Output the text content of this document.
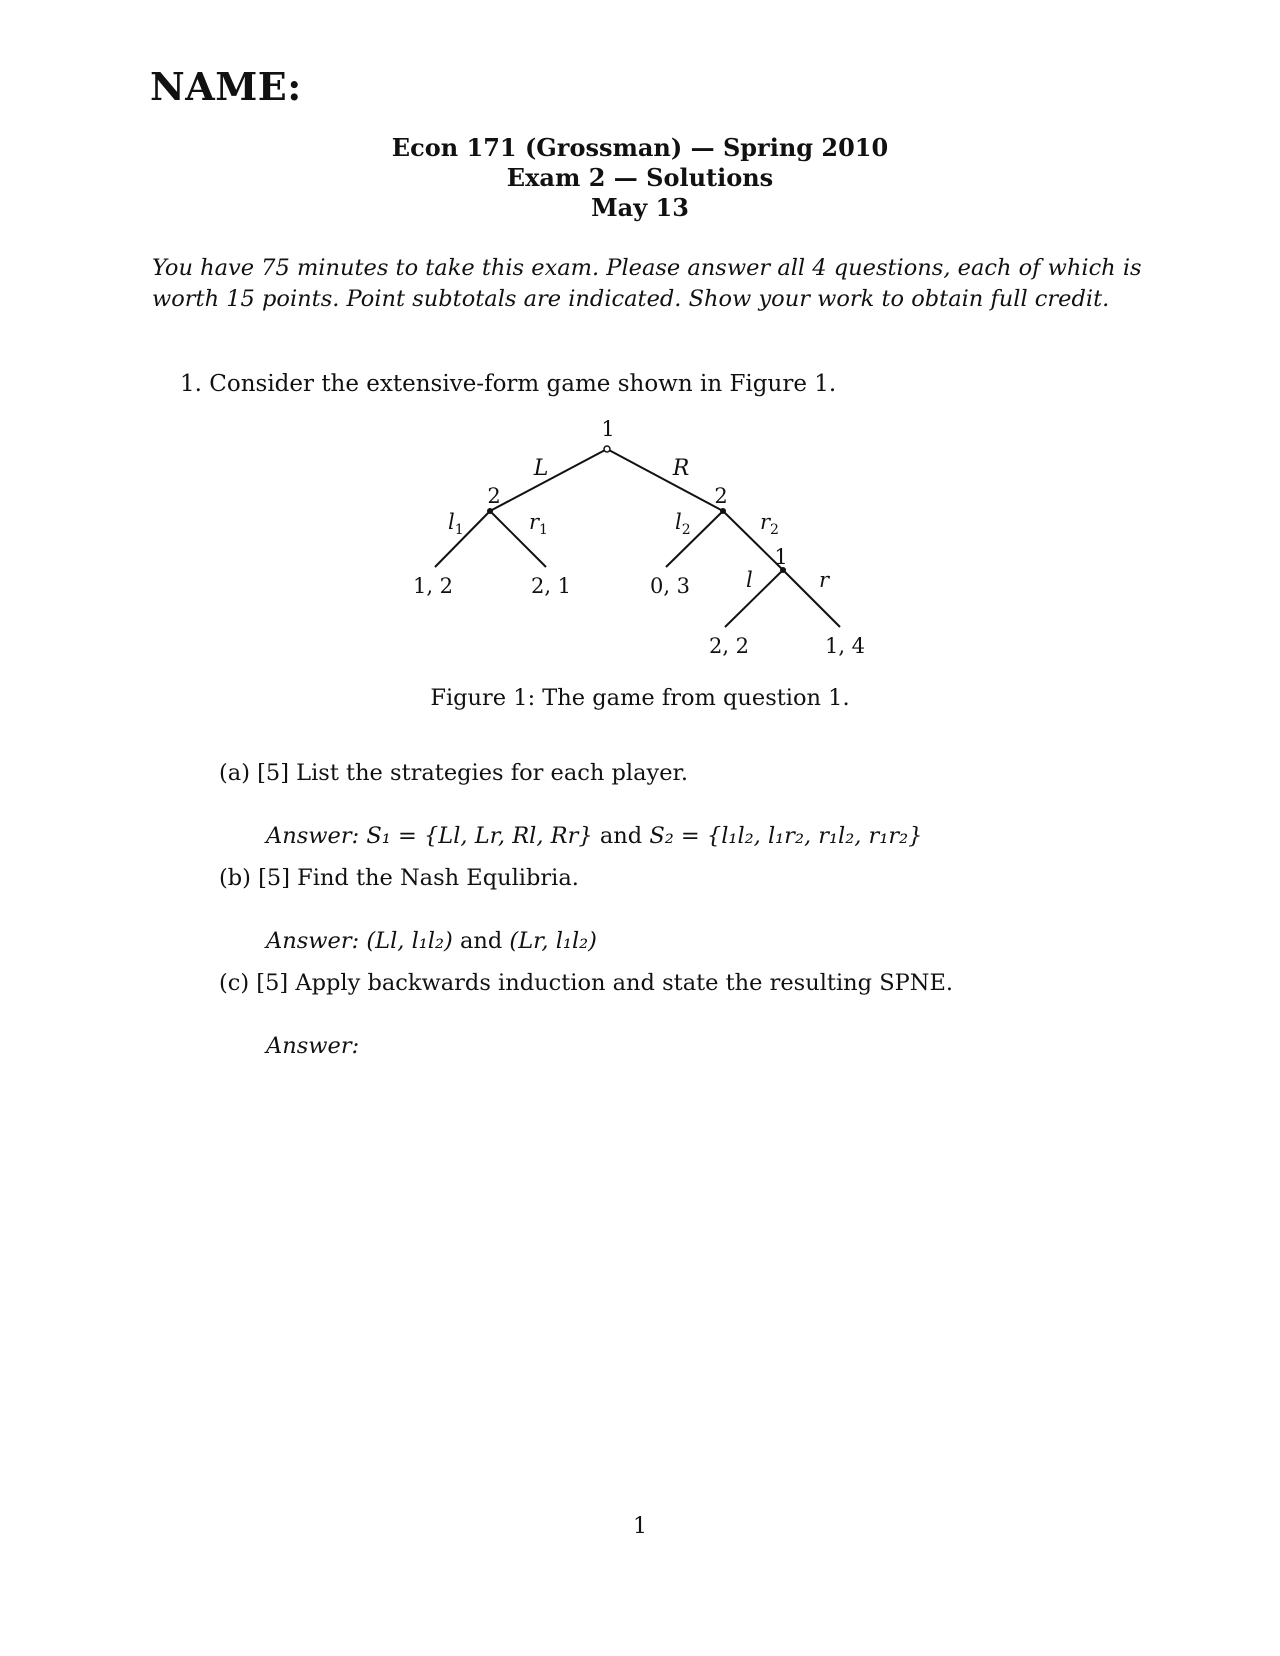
NAME:
Econ 171 (Grossman) — Spring 2010
Exam 2 — Solutions
May 13
You have 75 minutes to take this exam. Please answer all 4 questions, each of which is worth 15 points. Point subtotals are indicated. Show your work to obtain full credit.
1. Consider the extensive-form game shown in Figure 1.
1
2	2
1
L	R
$l_1$	$r_1$	$l_2$	$r_2$
l	r
1, 2	2, 1	0, 3
2, 2	1, 4
Figure 1: The game from question 1.
(a) [5] List the strategies for each player.
Answer: S₁ = {Ll, Lr, Rl, Rr} and S₂ = {l₁l₂, l₁r₂, r₁l₂, r₁r₂}
(b) [5] Find the Nash Equlibria.
Answer: (Ll, l₁l₂) and (Lr, l₁l₂)
(c) [5] Apply backwards induction and state the resulting SPNE.
Answer:
1
